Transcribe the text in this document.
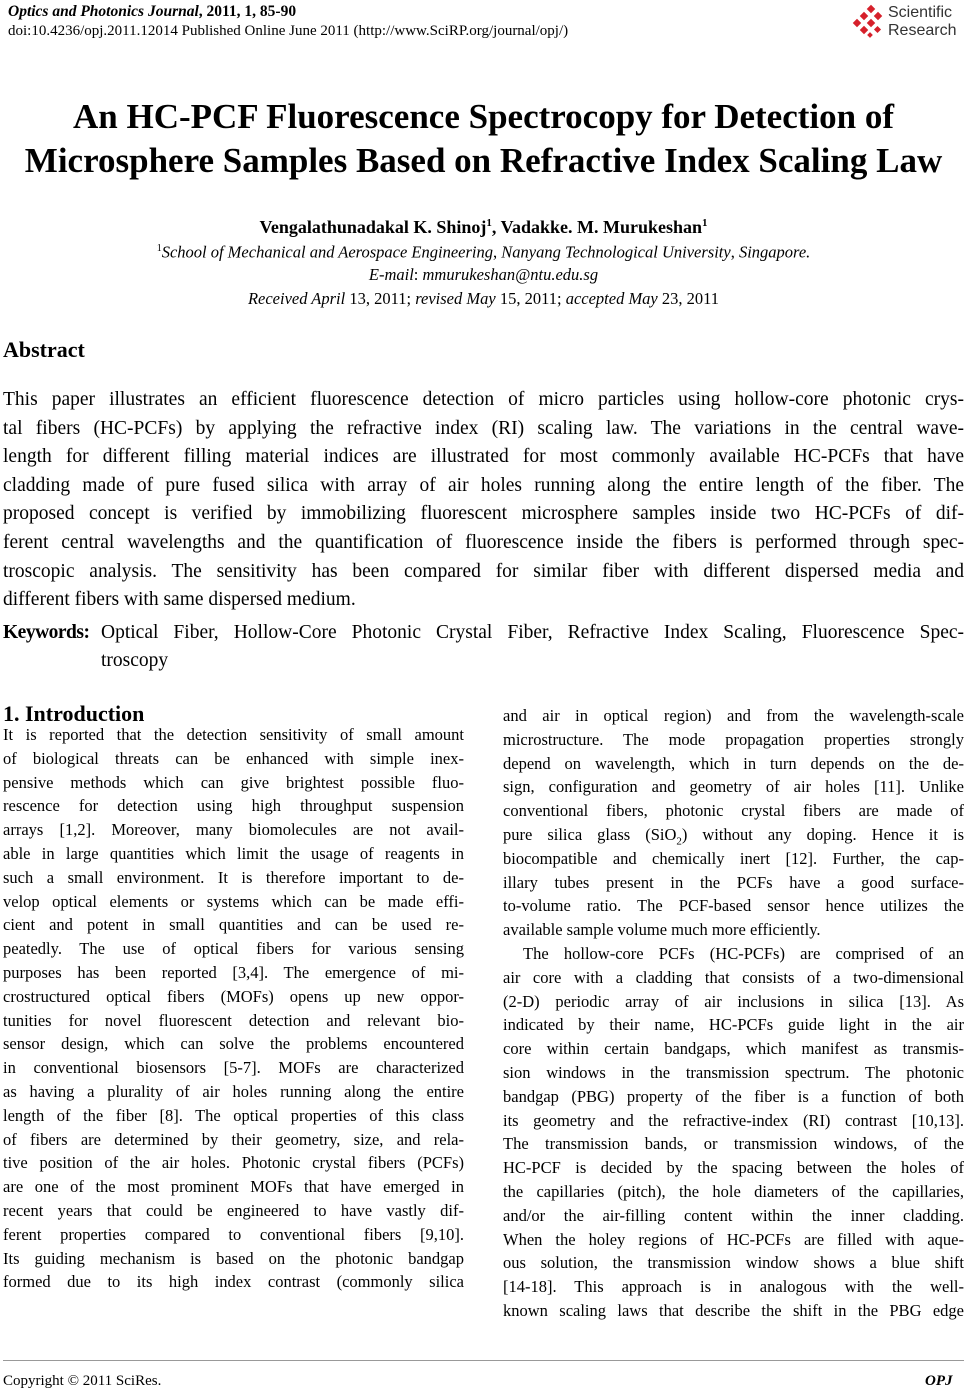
Optics and Photonics Journal, 2011, 1, 85-90
doi:10.4236/opj.2011.12014 Published Online June 2011 (http://www.SciRP.org/journal/opj/)
Scientific
Research
An HC-PCF Fluorescence Spectrocopy for Detection of
Microsphere Samples Based on Refractive Index Scaling Law
Vengalathunadakal K. Shinoj$^1$, Vadakke. M. Murukeshan$^1$
$^1$School of Mechanical and Aerospace Engineering, Nanyang Technological University, Singapore.
E-mail: mmurukeshan@ntu.edu.sg
Received April 13, 2011; revised May 15, 2011; accepted May 23, 2011
Abstract
This paper illustrates an efficient fluorescence detection of micro particles using hollow-core photonic crys-
tal fibers (HC-PCFs) by applying the refractive index (RI) scaling law. The variations in the central wave-
length for different filling material indices are illustrated for most commonly available HC-PCFs that have
cladding made of pure fused silica with array of air holes running along the entire length of the fiber. The
proposed concept is verified by immobilizing fluorescent microsphere samples inside two HC-PCFs of dif-
ferent central wavelengths and the quantification of fluorescence inside the fibers is performed through spec-
troscopic analysis. The sensitivity has been compared for similar fiber with different dispersed media and
different fibers with same dispersed medium.
Keywords: Optical Fiber, Hollow-Core Photonic Crystal Fiber, Refractive Index Scaling, Fluorescence Spec-
troscopy
1. Introduction
It is reported that the detection sensitivity of small amount
of biological threats can be enhanced with simple inex-
pensive methods which can give brightest possible fluo-
rescence for detection using high throughput suspension
arrays [1,2]. Moreover, many biomolecules are not avail-
able in large quantities which limit the usage of reagents in
such a small environment. It is therefore important to de-
velop optical elements or systems which can be made effi-
cient and potent in small quantities and can be used re-
peatedly. The use of optical fibers for various sensing
purposes has been reported [3,4]. The emergence of mi-
crostructured optical fibers (MOFs) opens up new oppor-
tunities for novel fluorescent detection and relevant bio-
sensor design, which can solve the problems encountered
in conventional biosensors [5-7]. MOFs are characterized
as having a plurality of air holes running along the entire
length of the fiber [8]. The optical properties of this class
of fibers are determined by their geometry, size, and rela-
tive position of the air holes. Photonic crystal fibers (PCFs)
are one of the most prominent MOFs that have emerged in
recent years that could be engineered to have vastly dif-
ferent properties compared to conventional fibers [9,10].
Its guiding mechanism is based on the photonic bandgap
formed due to its high index contrast (commonly silica
and air in optical region) and from the wavelength-scale
microstructure. The mode propagation properties strongly
depend on wavelength, which in turn depends on the de-
sign, configuration and geometry of air holes [11]. Unlike
conventional fibers, photonic crystal fibers are made of
pure silica glass (SiO$_2$) without any doping. Hence it is
biocompatible and chemically inert [12]. Further, the cap-
illary tubes present in the PCFs have a good surface-
to-volume ratio. The PCF-based sensor hence utilizes the
available sample volume much more efficiently.
The hollow-core PCFs (HC-PCFs) are comprised of an
air core with a cladding that consists of a two-dimensional
(2-D) periodic array of air inclusions in silica [13]. As
indicated by their name, HC-PCFs guide light in the air
core within certain bandgaps, which manifest as transmis-
sion windows in the transmission spectrum. The photonic
bandgap (PBG) property of the fiber is a function of both
its geometry and the refractive-index (RI) contrast [10,13].
The transmission bands, or transmission windows, of the
HC-PCF is decided by the spacing between the holes of
the capillaries (pitch), the hole diameters of the capillaries,
and/or the air-filling content within the inner cladding.
When the holey regions of HC-PCFs are filled with aque-
ous solution, the transmission window shows a blue shift
[14-18]. This approach is in analogous with the well-
known scaling laws that describe the shift in the PBG edge
Copyright © 2011 SciRes.	OPJ
